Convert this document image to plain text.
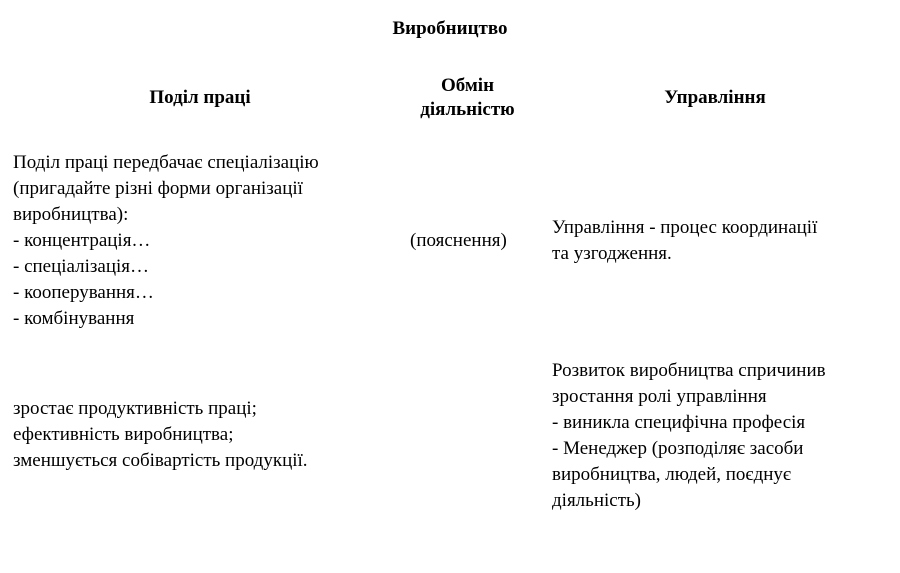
Виробництво
Поділ праці
Обмін
діяльністю
Управління
Поділ праці передбачає спеціалізацію
(пригадайте різні форми організації
виробництва):
- концентрація…
- спеціалізація…
- кооперування…
- комбінування
(пояснення)
Управління - процес координації
та узгодження.
зростає продуктивність праці;
ефективність виробництва;
зменшується собівартість продукції.
Розвиток виробництва спричинив
зростання ролі управління
- виникла специфічна професія
- Менеджер (розподіляє засоби
виробництва, людей, поєднує
діяльність)
